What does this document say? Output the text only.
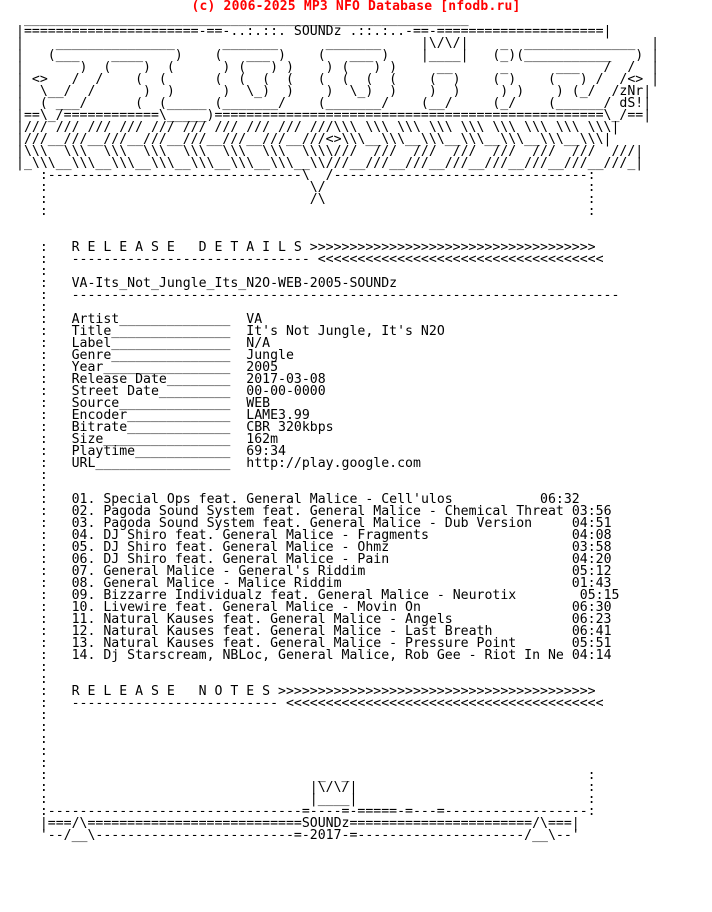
(c) 2006-2025 MP3 NFO Database [nfodb.ru]
________________________________________________________
|======================-==-..:.::. SOUNDz .::.:..-==-=====================|
|    _______________      _______      _______     |\/\/|    _  ______________  |
|   (___    ____    )    (   ___ )    (   ___ )    |____|   (_)(___________   ) |
|       )  (    )  (      ) (   ) )    ) (   ) )     __      _      ___   /  /  |
| <>   /  /    (  (      (  (  (  (   (  (  (  (    (  )    ( )    (   ) /  /<> |
|  \__/  /      )  )      )  \_)  )    )  \_)  )    )  )     ) )    ) (_/  /zNr|
|  ( ___/      (  (_____ (_______/    (_______/    (__/     (_/    (______/ dS!|
|==\_/============\_____)=================================================\_/==|
|/// /// /// /// /// /// /// /// /// ///\\\ \\\ \\\ \\\ \\\ \\\ \\\ \\\ \\\|
|///__///__///__///__///__///__///__///<>\\\__\\\__\\\__\\\__\\\__\\\__\\\|
|\\\  \\\  \\\  \\\  \\\  \\\  \\\  \\\\///  ///  ///  ///  ///  ///  ///  ///|
|_\\\__\\\__\\\__\\\__\\\__\\\__\\\__\\///__///__///__///__///__///__///__///_|
:--------------------------------\  /--------------------------------:
:                                 \/                                 :
:                                 /\                                 :
:                                                                    :

:   R E L E A S E   D E T A I L S >>>>>>>>>>>>>>>>>>>>>>>>>>>>>>>>>>>>
:   ------------------------------ <<<<<<<<<<<<<<<<<<<<<<<<<<<<<<<<<<<<
:
:   VA-Its_Not_Jungle_Its_N2O-WEB-2005-SOUNDz
:   ---------------------------------------------------------------------
:
:   Artist______________ VA
:   Title_______________ It's Not Jungle, It's N2O
:   Label_______________ N/A
:   Genre_______________ Jungle
:   Year________________ 2005
:   Release Date________ 2017-03-08
:   Street Date_________ 00-00-0000
:   Source______________ WEB
:   Encoder_____________ LAME3.99
:   Bitrate_____________ CBR 320kbps
:   Size________________ 162m
:   Playtime____________ 69:34
:   URL_________________ http://play.google.com
:
:
:   01. Special Ops feat. General Malice - Cell'ulos	06:32
:   02. Pagoda Sound System feat. General Malice - Chemical Threat 03:56
:   03. Pagoda Sound System feat. General Malice - Dub Version	04:51
:   04. DJ Shiro feat. General Malice - Fragments	04:08
:   05. DJ Shiro feat. General Malice - Ohmz	03:58
:   06. DJ Shiro feat. General Malice - Pain	04:20
:   07. General Malice - General's Riddim	05:12
:   08. General Malice - Malice Riddim	01:43
:   09. Bizzarre Individualz feat. General Malice - Neurotix	05:15
:   10. Livewire feat. General Malice - Movin On	06:30
:   11. Natural Kauses feat. General Malice - Angels	06:23
:   12. Natural Kauses feat. General Malice - Last Breath	06:41
:   13. Natural Kauses feat. General Malice - Pressure Point	05:51
:   14. Dj Starscream, NBLoc, General Malice, Rob Gee - Riot In Ne 04:14
:
:
:   R E L E A S E   N O T E S >>>>>>>>>>>>>>>>>>>>>>>>>>>>>>>>>>>>>>>>
:   -------------------------- <<<<<<<<<<<<<<<<<<<<<<<<<<<<<<<<<<<<<<<<
:
:
:
:
:

:                                  _  _                              :
:                                 |\/\/|                             :
:                                 |____|                             :
:--------------------------------=----=-=====-=---=------------------:
|===/\===========================SOUNDz=======================/\===|
'--/__\-------------------------=-2017-=---------------------/__\--'
